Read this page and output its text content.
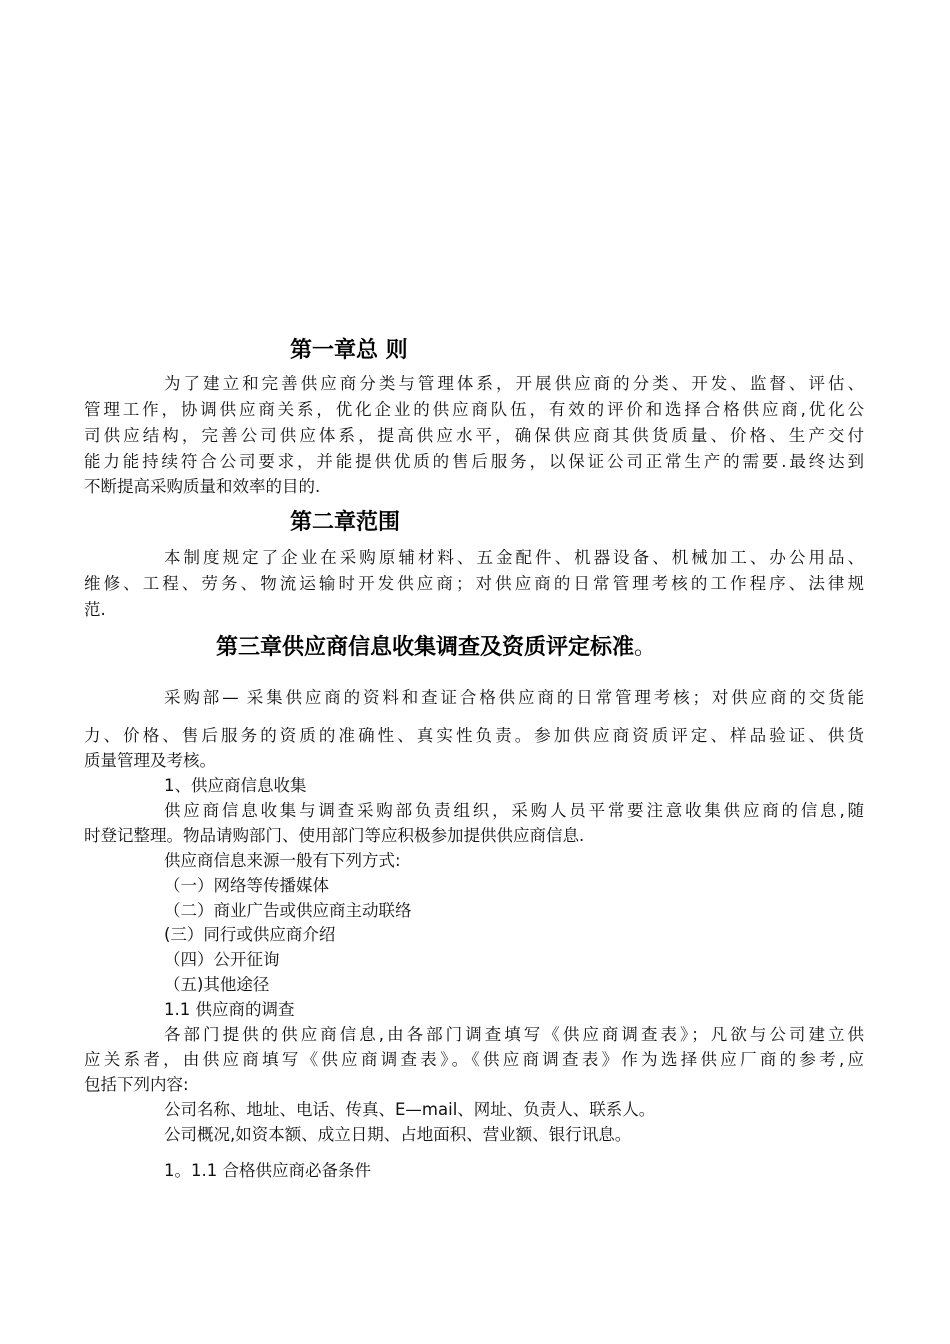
第一章总 则
为了建立和完善供应商分类与管理体系，开展供应商的分类、开发、监督、评估、
管理工作，协调供应商关系，优化企业的供应商队伍，有效的评价和选择合格供应商,优化公
司供应结构，完善公司供应体系，提高供应水平，确保供应商其供货质量、价格、生产交付
能力能持续符合公司要求，并能提供优质的售后服务，以保证公司正常生产的需要.最终达到
不断提高采购质量和效率的目的.
第二章范围
本制度规定了企业在采购原辅材料、五金配件、机器设备、机械加工、办公用品、
维修、工程、劳务、物流运输时开发供应商；对供应商的日常管理考核的工作程序、法律规
范.
第三章供应商信息收集调查及资质评定标准。
采购部— 采集供应商的资料和查证合格供应商的日常管理考核；对供应商的交货能
力、价格、售后服务的资质的准确性、真实性负责。参加供应商资质评定、样品验证、供货
质量管理及考核。
1、供应商信息收集
供应商信息收集与调查采购部负责组织，采购人员平常要注意收集供应商的信息,随
时登记整理。物品请购部门、使用部门等应积极参加提供供应商信息.
供应商信息来源一般有下列方式:
（一）网络等传播媒体
（二）商业广告或供应商主动联络
(三）同行或供应商介绍
（四）公开征询
（五)其他途径
1.1 供应商的调查
各部门提供的供应商信息,由各部门调查填写《供应商调查表》；凡欲与公司建立供
应关系者，由供应商填写《供应商调查表》。《供应商调查表》作为选择供应厂商的参考,应
包括下列内容:
公司名称、地址、电话、传真、E—mail、网址、负责人、联系人。
公司概况,如资本额、成立日期、占地面积、营业额、银行讯息。
1。1.1 合格供应商必备条件
